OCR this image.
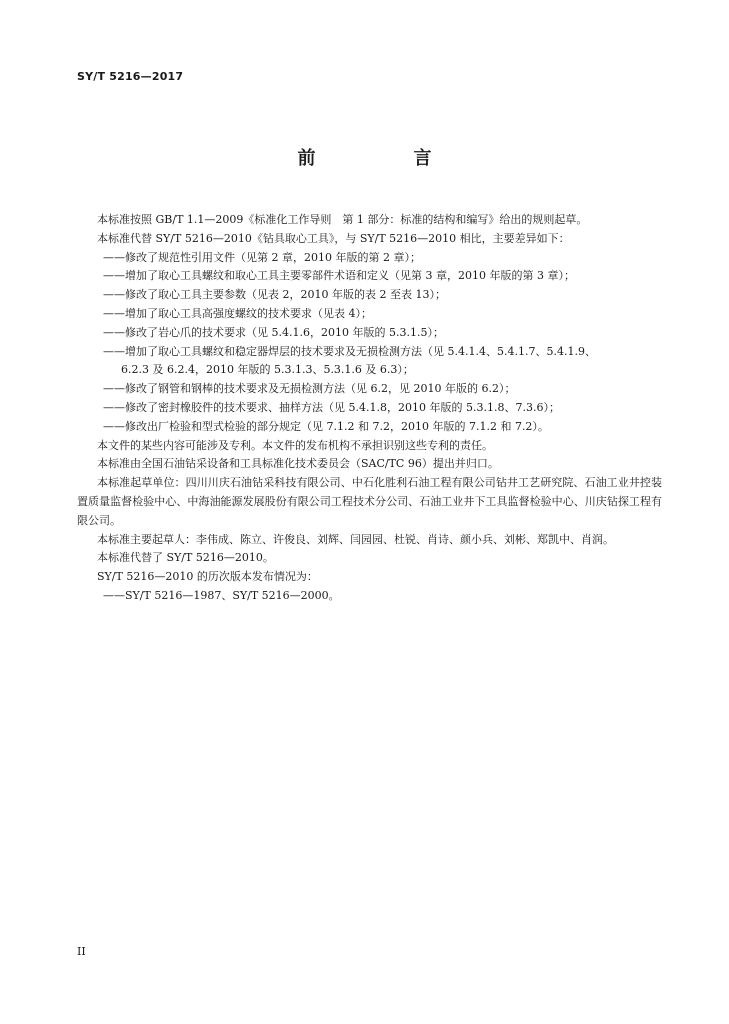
SY/T 5216—2017
前　言
本标准按照 GB/T 1.1—2009《标准化工作导则　第 1 部分：标准的结构和编写》给出的规则起草。
本标准代替 SY/T 5216—2010《钻具取心工具》，与 SY/T 5216—2010 相比，主要差异如下：
——修改了规范性引用文件（见第 2 章，2010 年版的第 2 章）；
——增加了取心工具螺纹和取心工具主要零部件术语和定义（见第 3 章，2010 年版的第 3 章）；
——修改了取心工具主要参数（见表 2，2010 年版的表 2 至表 13）；
——增加了取心工具高强度螺纹的技术要求（见表 4）；
——修改了岩心爪的技术要求（见 5.4.1.6，2010 年版的 5.3.1.5）；
——增加了取心工具螺纹和稳定器焊层的技术要求及无损检测方法（见 5.4.1.4、5.4.1.7、5.4.1.9、
6.2.3 及 6.2.4，2010 年版的 5.3.1.3、5.3.1.6 及 6.3）；
——修改了钢管和钢棒的技术要求及无损检测方法（见 6.2，见 2010 年版的 6.2）；
——修改了密封橡胶件的技术要求、抽样方法（见 5.4.1.8，2010 年版的 5.3.1.8、7.3.6）；
——修改出厂检验和型式检验的部分规定（见 7.1.2 和 7.2，2010 年版的 7.1.2 和 7.2）。
本文件的某些内容可能涉及专利。本文件的发布机构不承担识别这些专利的责任。
本标准由全国石油钻采设备和工具标准化技术委员会（SAC/TC 96）提出并归口。
本标准起草单位：四川川庆石油钻采科技有限公司、中石化胜利石油工程有限公司钻井工艺研究院、石油工业井控装置质量监督检验中心、中海油能源发展股份有限公司工程技术分公司、石油工业井下工具监督检验中心、川庆钻探工程有限公司。
本标准主要起草人：李伟成、陈立、许俊良、刘辉、闫园园、杜锐、肖诗、颜小兵、刘彬、郑凯中、肖润。
本标准代替了 SY/T 5216—2010。
SY/T 5216—2010 的历次版本发布情况为：
——SY/T 5216—1987、SY/T 5216—2000。
II
